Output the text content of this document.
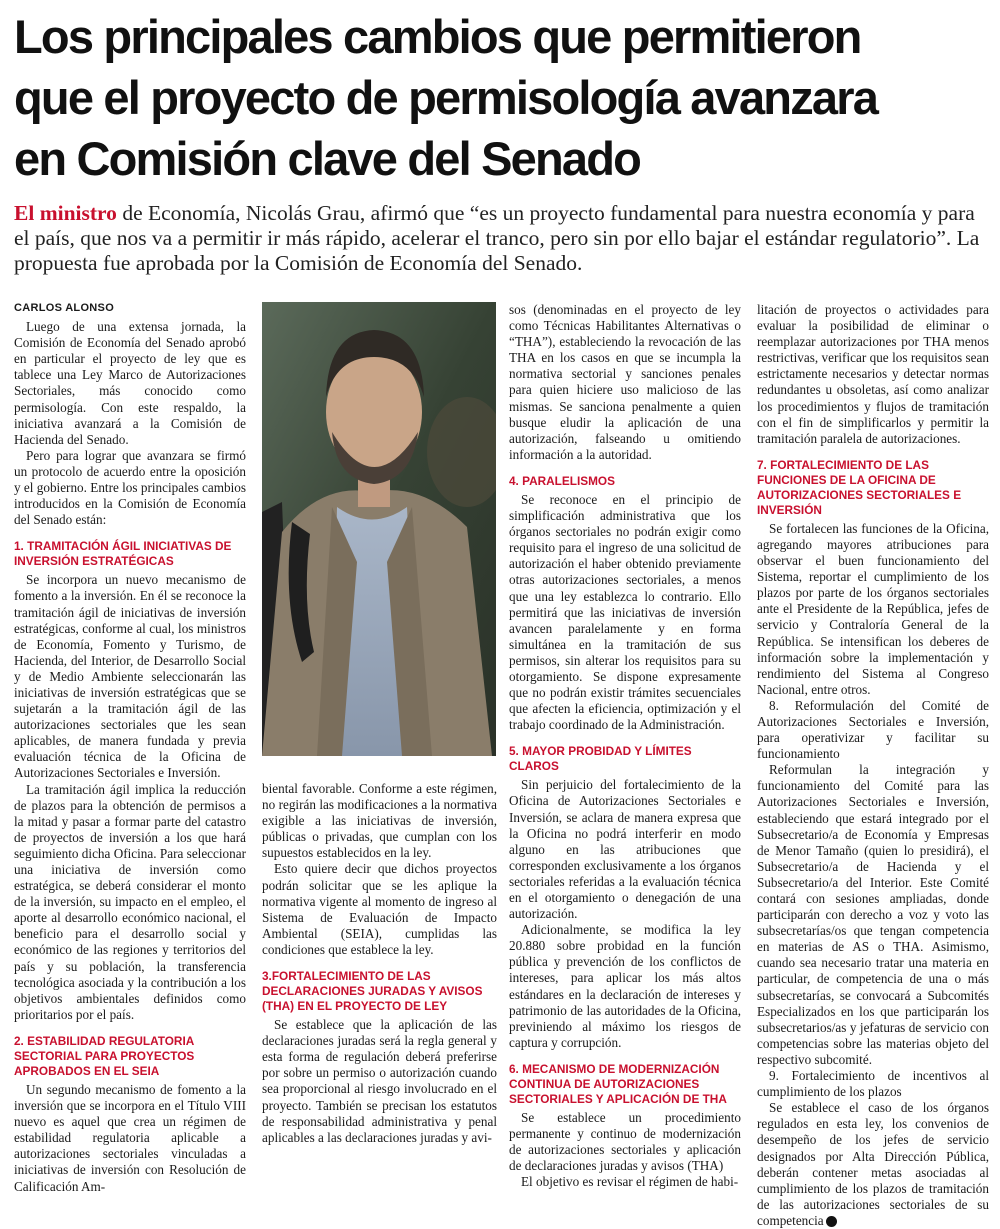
Los principales cambios que permitieron
que el proyecto de permisología avanzara
en Comisión clave del Senado
El ministro de Economía, Nicolás Grau, afirmó que “es un proyecto fundamental para nuestra economía y para el país, que nos va a permitir ir más rápido, acelerar el tranco, pero sin por ello bajar el estándar regulatorio”. La propuesta fue aprobada por la Comisión de Economía del Senado.
CARLOS ALONSO

Luego de una extensa jornada, la Comisión de Economía del Senado aprobó en particular el proyecto de ley que es tablece una Ley Marco de Autorizaciones Sectoriales, más conocido como permisología. Con este respaldo, la iniciativa avanzará a la Comisión de Hacienda del Senado.

Pero para lograr que avanzara se firmó un protocolo de acuerdo entre la oposición y el gobierno. Entre los principales cambios introducidos en la Comisión de Economía del Senado están:

1. TRAMITACIÓN ÁGIL INICIATIVAS DE INVERSIÓN ESTRATÉGICAS

Se incorpora un nuevo mecanismo de fomento a la inversión. En él se reconoce la tramitación ágil de iniciativas de inversión estratégicas, conforme al cual, los ministros de Economía, Fomento y Turismo, de Hacienda, del Interior, de Desarrollo Social y de Medio Ambiente seleccionarán las iniciativas de inversión estratégicas que se sujetarán a la tramitación ágil de las autorizaciones sectoriales que les sean aplicables, de manera fundada y previa evaluación técnica de la Oficina de Autorizaciones Sectoriales e Inversión.

La tramitación ágil implica la reducción de plazos para la obtención de permisos a la mitad y pasar a formar parte del catastro de proyectos de inversión a los que hará seguimiento dicha Oficina. Para seleccionar una iniciativa de inversión como estratégica, se deberá considerar el monto de la inversión, su impacto en el empleo, el aporte al desarrollo económico nacional, el beneficio para el desarrollo social y económico de las regiones y territorios del país y su población, la transferencia tecnológica asociada y la contribución a los objetivos ambientales definidos como prioritarios por el país.

2. ESTABILIDAD REGULATORIA SECTORIAL PARA PROYECTOS APROBADOS EN EL SEIA

Un segundo mecanismo de fomento a la inversión que se incorpora en el Título VIII nuevo es aquel que crea un régimen de estabilidad regulatoria aplicable a autorizaciones sectoriales vinculadas a iniciativas de inversión con Resolución de Calificación Am-

biental favorable. Conforme a este régimen, no regirán las modificaciones a la normativa exigible a las iniciativas de inversión, públicas o privadas, que cumplan con los supuestos establecidos en la ley.

Esto quiere decir que dichos proyectos podrán solicitar que se les aplique la normativa vigente al momento de ingreso al Sistema de Evaluación de Impacto Ambiental (SEIA), cumplidas las condiciones que establece la ley.

3.FORTALECIMIENTO DE LAS DECLARACIONES JURADAS Y AVISOS (THA) EN EL PROYECTO DE LEY

Se establece que la aplicación de las declaraciones juradas será la regla general y esta forma de regulación deberá preferirse por sobre un permiso o autorización cuando sea proporcional al riesgo involucrado en el proyecto. También se precisan los estatutos de responsabilidad administrativa y penal aplicables a las declaraciones juradas y avi-

sos (denominadas en el proyecto de ley como Técnicas Habilitantes Alternativas o “THA”), estableciendo la revocación de las THA en los casos en que se incumpla la normativa sectorial y sanciones penales para quien hiciere uso malicioso de las mismas. Se sanciona penalmente a quien busque eludir la aplicación de una autorización, falseando u omitiendo información a la autoridad.

4. PARALELISMOS

Se reconoce en el principio de simplificación administrativa que los órganos sectoriales no podrán exigir como requisito para el ingreso de una solicitud de autorización el haber obtenido previamente otras autorizaciones sectoriales, a menos que una ley establezca lo contrario. Ello permitirá que las iniciativas de inversión avancen paralelamente y en forma simultánea en la tramitación de sus permisos, sin alterar los requisitos para su otorgamiento. Se dispone expresamente que no podrán existir trámites secuenciales que afecten la eficiencia, optimización y el trabajo coordinado de la Administración.

5. MAYOR PROBIDAD Y LÍMITES CLAROS

Sin perjuicio del fortalecimiento de la Oficina de Autorizaciones Sectoriales e Inversión, se aclara de manera expresa que la Oficina no podrá interferir en modo alguno en las atribuciones que corresponden exclusivamente a los órganos sectoriales referidas a la evaluación técnica en el otorgamiento o denegación de una autorización.

Adicionalmente, se modifica la ley 20.880 sobre probidad en la función pública y prevención de los conflictos de intereses, para aplicar los más altos estándares en la declaración de intereses y patrimonio de las autoridades de la Oficina, previniendo al máximo los riesgos de captura y corrupción.

6. MECANISMO DE MODERNIZACIÓN CONTINUA DE AUTORIZACIONES SECTORIALES Y APLICACIÓN DE THA

Se establece un procedimiento permanente y continuo de modernización de autorizaciones sectoriales y aplicación de declaraciones juradas y avisos (THA)

El objetivo es revisar el régimen de habi-

litación de proyectos o actividades para evaluar la posibilidad de eliminar o reemplazar autorizaciones por THA menos restrictivas, verificar que los requisitos sean estrictamente necesarios y detectar normas redundantes u obsoletas, así como analizar los procedimientos y flujos de tramitación con el fin de simplificarlos y permitir la tramitación paralela de autorizaciones.

7. FORTALECIMIENTO DE LAS FUNCIONES DE LA OFICINA DE AUTORIZACIONES SECTORIALES E INVERSIÓN

Se fortalecen las funciones de la Oficina, agregando mayores atribuciones para observar el buen funcionamiento del Sistema, reportar el cumplimiento de los plazos por parte de los órganos sectoriales ante el Presidente de la República, jefes de servicio y Contraloría General de la República. Se intensifican los deberes de información sobre la implementación y rendimiento del Sistema al Congreso Nacional, entre otros.

8. Reformulación del Comité de Autorizaciones Sectoriales e Inversión, para operativizar y facilitar su funcionamiento

Reformulan la integración y funcionamiento del Comité para las Autorizaciones Sectoriales e Inversión, estableciendo que estará integrado por el Subsecretario/a de Economía y Empresas de Menor Tamaño (quien lo presidirá), el Subsecretario/a de Hacienda y el Subsecretario/a del Interior. Este Comité contará con sesiones ampliadas, donde participarán con derecho a voz y voto las subsecretarías/os que tengan competencia en materias de AS o THA. Asimismo, cuando sea necesario tratar una materia en particular, de competencia de una o más subsecretarías, se convocará a Subcomités Especializados en los que participarán los subsecretarios/as y jefaturas de servicio con competencias sobre las materias objeto del respectivo subcomité.

9. Fortalecimiento de incentivos al cumplimiento de los plazos

Se establece el caso de los órganos regulados en esta ley, los convenios de desempeño de los jefes de servicio designados por Alta Dirección Pública, deberán contener metas asociadas al cumplimiento de los plazos de tramitación de las autorizaciones sectoriales de su competencia
